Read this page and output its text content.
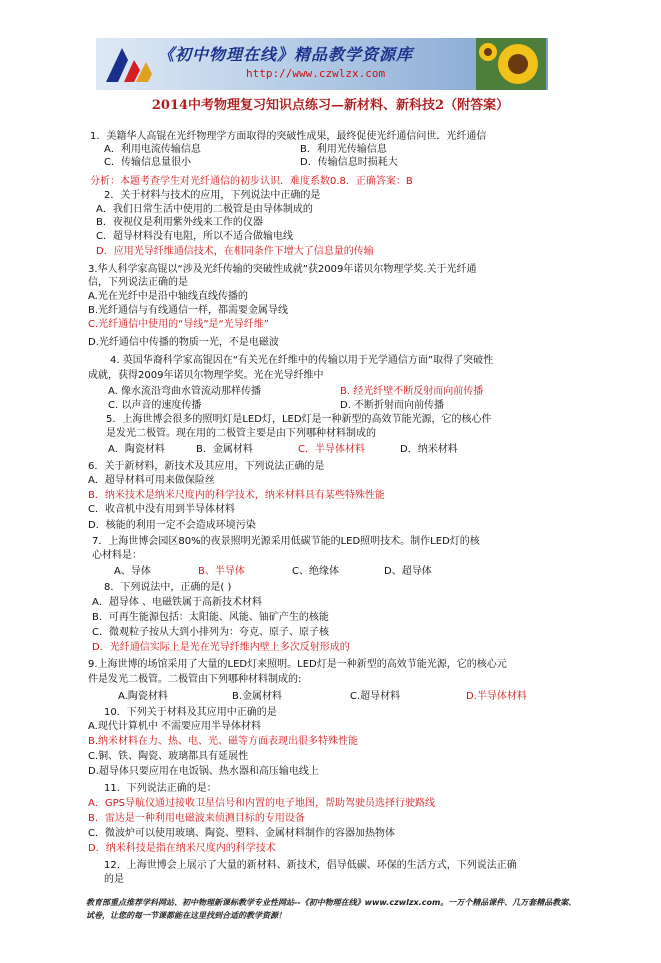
《初中物理在线》精品教学资源库
http://www.czwlzx.com
2014中考物理复习知识点练习—新材料、新科技2（附答案）
1．美籍华人高锟在光纤物理学方面取得的突破性成果，最终促使光纤通信问世．光纤通信
A．利用电流传输信息	B．利用光传输信息
C．传输信息量很小	D．传输信息时损耗大
分析：本题考查学生对光纤通信的初步认识．难度系数0.8．正确答案：B
2．关于材料与技术的应用，下列说法中正确的是
A．我们日常生活中使用的二极管是由导体制成的
B．夜视仪是利用紫外线来工作的仪器
C．超导材料没有电阻，所以不适合做输电线
D．应用光导纤维通信技术，在相同条件下增大了信息量的传输
3.华人科学家高锟以“涉及光纤传输的突破性成就”获2009年诺贝尔物理学奖.关于光纤通
信，下列说法正确的是
A.光在光纤中是沿中轴线直线传播的
B.光纤通信与有线通信一样，都需要金属导线
C.光纤通信中使用的“导线”是“光导纤维”
D.光纤通信中传播的物质一光，不是电磁波
4. 英国华裔科学家高锟因在“有关光在纤维中的传输以用于光学通信方面”取得了突破性
成就，获得2009年诺贝尔物理学奖。光在光导纤维中
A. 像水流沿弯曲水管流动那样传播	B. 经光纤壁不断反射而向前传播
C. 以声音的速度传播	D. 不断折射而向前传播
5．上海世博会很多的照明灯是LED灯，LED灯是一种新型的高效节能光源，它的核心件
是发光二极管。现在用的二极管主要是由下列哪种材料制成的
A．陶瓷材料	B．金属材料	C．半导体材料	D．纳米材料
6．关于新材料，新技术及其应用，下列说法正确的是
A．超导材料可用来做保险丝
B．纳米技术是纳米尺度内的科学技术，纳米材料具有某些特殊性能
C．收音机中没有用到半导体材料
D．核能的利用一定不会造成环境污染
7．上海世博会园区80%的夜景照明光源采用低碳节能的LED照明技术。制作LED灯的核
心材料是：
A、导体	B、半导体	C、绝缘体	D、超导体
8．下列说法中，正确的是( )
A．超导体 、电磁铁属于高新技术材料
B．可再生能源包括：太阳能、风能、铀矿产生的核能
C．微观粒子按从大到小排列为：夸克、原子、原子核
D．光纤通信实际上是光在光导纤维内壁上多次反射形成的
9.上海世博的场馆采用了大量的LED灯来照明。LED灯是一种新型的高效节能光源，它的核心元
件是发光二极管。二极管由下列哪种材料制成的:
A.陶瓷材料	B.金属材料	C.超导材料	D.半导体材料
10．下列关于材料及其应用中正确的是
A.现代计算机中 不需要应用半导体材料
B.纳米材料在力、热、电、光、磁等方面表现出很多特殊性能
C.铜、铁、陶瓷、玻璃都具有延展性
D.超导体只要应用在电饭锅、热水器和高压输电线上
11．下列说法正确的是：
A．GPS导航仪通过接收卫星信号和内置的电子地图，帮助驾驶员选择行驶路线
B．雷达是一种利用电磁波来侦测目标的专用设备
C．微波炉可以使用玻璃、陶瓷、塑料、金属材料制作的容器加热物体
D．纳米科技是指在纳米尺度内的科学技术
12．上海世博会上展示了大量的新材料、新技术，倡导低碳、环保的生活方式，下列说法正确
的是
教育部重点推荐学科网站、初中物理新课标教学专业性网站--《初中物理在线》www.czwlzx.com。一万个精品课件、几万套精品教案、试卷，让您的每一节课都能在这里找到合适的教学资源！
